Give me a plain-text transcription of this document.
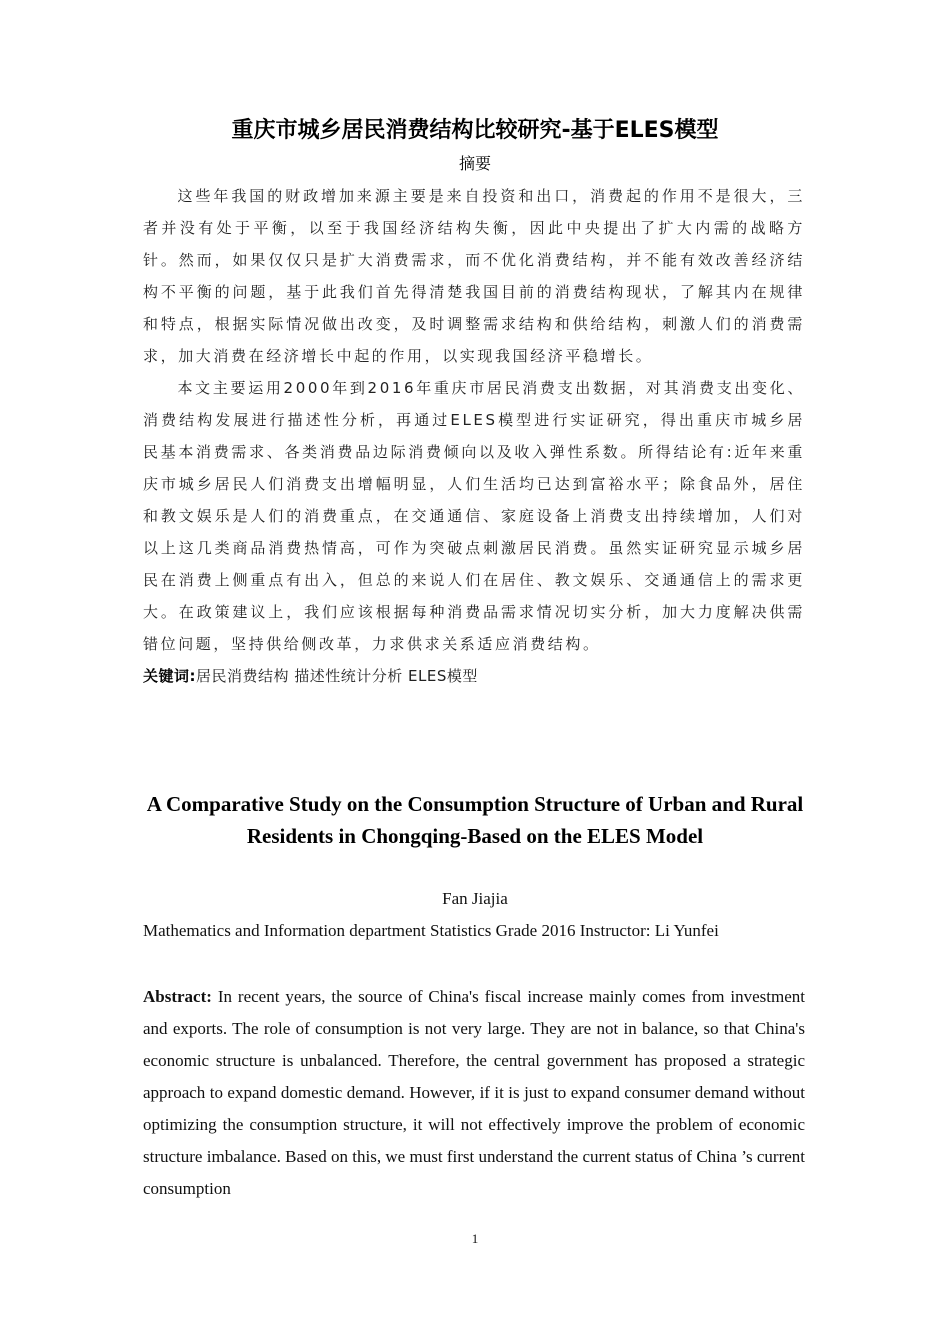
重庆市城乡居民消费结构比较研究-基于ELES模型
摘要

这些年我国的财政增加来源主要是来自投资和出口，消费起的作用不是很大，三者并没有处于平衡，以至于我国经济结构失衡，因此中央提出了扩大内需的战略方针。然而，如果仅仅只是扩大消费需求，而不优化消费结构，并不能有效改善经济结构不平衡的问题，基于此我们首先得清楚我国目前的消费结构现状，了解其内在规律和特点，根据实际情况做出改变，及时调整需求结构和供给结构，刺激人们的消费需求，加大消费在经济增长中起的作用，以实现我国经济平稳增长。

本文主要运用2000年到2016年重庆市居民消费支出数据，对其消费支出变化、消费结构发展进行描述性分析，再通过ELES模型进行实证研究，得出重庆市城乡居民基本消费需求、各类消费品边际消费倾向以及收入弹性系数。所得结论有:近年来重庆市城乡居民人们消费支出增幅明显，人们生活均已达到富裕水平；除食品外，居住和教文娱乐是人们的消费重点，在交通通信、家庭设备上消费支出持续增加，人们对以上这几类商品消费热情高，可作为突破点刺激居民消费。虽然实证研究显示城乡居民在消费上侧重点有出入，但总的来说人们在居住、教文娱乐、交通通信上的需求更大。在政策建议上，我们应该根据每种消费品需求情况切实分析，加大力度解决供需错位问题，坚持供给侧改革，力求供求关系适应消费结构。

关键词:居民消费结构 描述性统计分析 ELES模型

A Comparative Study on the Consumption Structure of Urban and Rural Residents in Chongqing-Based on the ELES Model
Fan Jiajia
Mathematics and Information department Statistics Grade 2016 Instructor: Li Yunfei

Abstract: In recent years, the source of China's fiscal increase mainly comes from investment and exports. The role of consumption is not very large. They are not in balance, so that China's economic structure is unbalanced. Therefore, the central government has proposed a strategic approach to expand domestic demand. However, if it is just to expand consumer demand without optimizing the consumption structure, it will not effectively improve the problem of economic structure imbalance. Based on this, we must first understand the current status of China ’s current consumption

1
